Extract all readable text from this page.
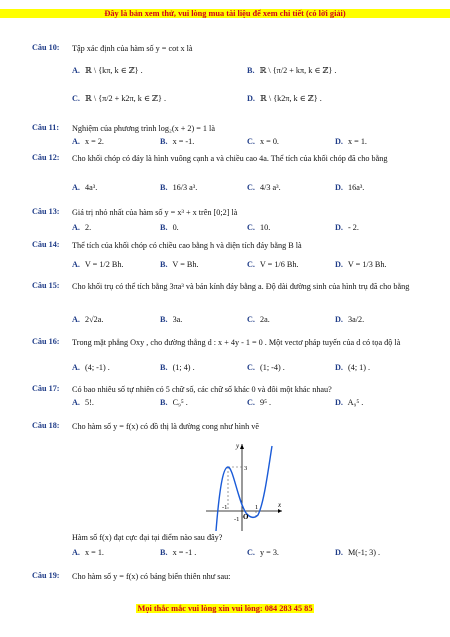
Đây là bản xem thử, vui lòng mua tài liệu để xem chi tiết (có lời giải)
Câu 10: Tập xác định của hàm số y = cot x là
A. ℝ \ {kπ, k ∈ ℤ} .	B. ℝ \ {π/2 + kπ, k ∈ ℤ} .
C. ℝ \ {π/2 + k2π, k ∈ ℤ} .	D. ℝ \ {k2π, k ∈ ℤ} .
Câu 11: Nghiệm của phương trình log₂(x + 2) = 1 là
A. x = 2.	B. x = -1.	C. x = 0.	D. x = 1.
Câu 12: Cho khối chóp có đáy là hình vuông cạnh a và chiều cao 4a. Thể tích của khối chóp đã cho bằng
A. 4a³.	B. 16/3 a³.	C. 4/3 a³.	D. 16a³.
Câu 13: Giá trị nhỏ nhất của hàm số y = x³ + x trên [0;2] là
A. 2.	B. 0.	C. 10.	D. - 2.
Câu 14: Thể tích của khối chóp có chiều cao bằng h và diện tích đáy bằng B là
A. V = 1/2 Bh.	B. V = Bh.	C. V = 1/6 Bh.	D. V = 1/3 Bh.
Câu 15: Cho khối trụ có thể tích bằng 3πa³ và bán kính đáy bằng a. Độ dài đường sinh của hình trụ đã cho bằng
A. 2√2a.	B. 3a.	C. 2a.	D. 3a/2.
Câu 16: Trong mặt phẳng Oxy , cho đường thẳng d : x + 4y - 1 = 0 . Một vectơ pháp tuyến của d có tọa độ là
A. (4; -1) .	B. (1; 4) .	C. (1; -4) .	D. (4; 1) .
Câu 17: Có bao nhiêu số tự nhiên có 5 chữ số, các chữ số khác 0 và đôi một khác nhau?
A. 5!.	B. C₉⁵ .	C. 9⁵ .	D. A₉⁵ .
Câu 18: Cho hàm số y = f(x) có đồ thị là đường cong như hình vẽ
Hàm số f(x) đạt cực đại tại điểm nào sau đây?
A. x = 1.	B. x = -1 .	C. y = 3.	D. M(-1; 3) .
y
x
O
3
-1
-1	1
Câu 19: Cho hàm số y = f(x) có bảng biến thiên như sau:
Mọi thắc mắc vui lòng xin vui lòng: 084 283 45 85
